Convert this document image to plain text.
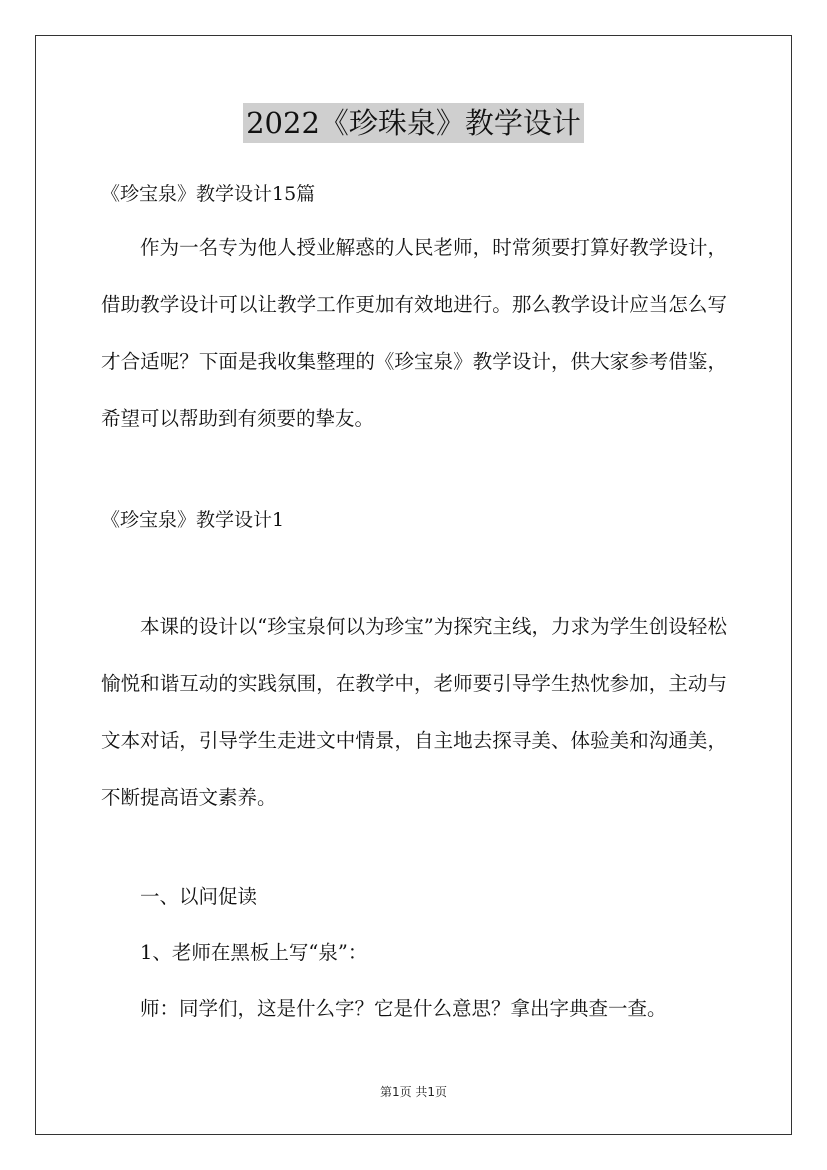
2022《珍珠泉》教学设计
《珍宝泉》教学设计15篇
作为一名专为他人授业解惑的人民老师，时常须要打算好教学设计，借助教学设计可以让教学工作更加有效地进行。那么教学设计应当怎么写才合适呢？下面是我收集整理的《珍宝泉》教学设计，供大家参考借鉴，希望可以帮助到有须要的挚友。
《珍宝泉》教学设计1
本课的设计以“珍宝泉何以为珍宝”为探究主线，力求为学生创设轻松愉悦和谐互动的实践氛围，在教学中，老师要引导学生热忱参加，主动与文本对话，引导学生走进文中情景，自主地去探寻美、体验美和沟通美，不断提高语文素养。
一、以问促读
1、老师在黑板上写“泉”：
师：同学们，这是什么字？它是什么意思？拿出字典查一查。
第1页 共1页
